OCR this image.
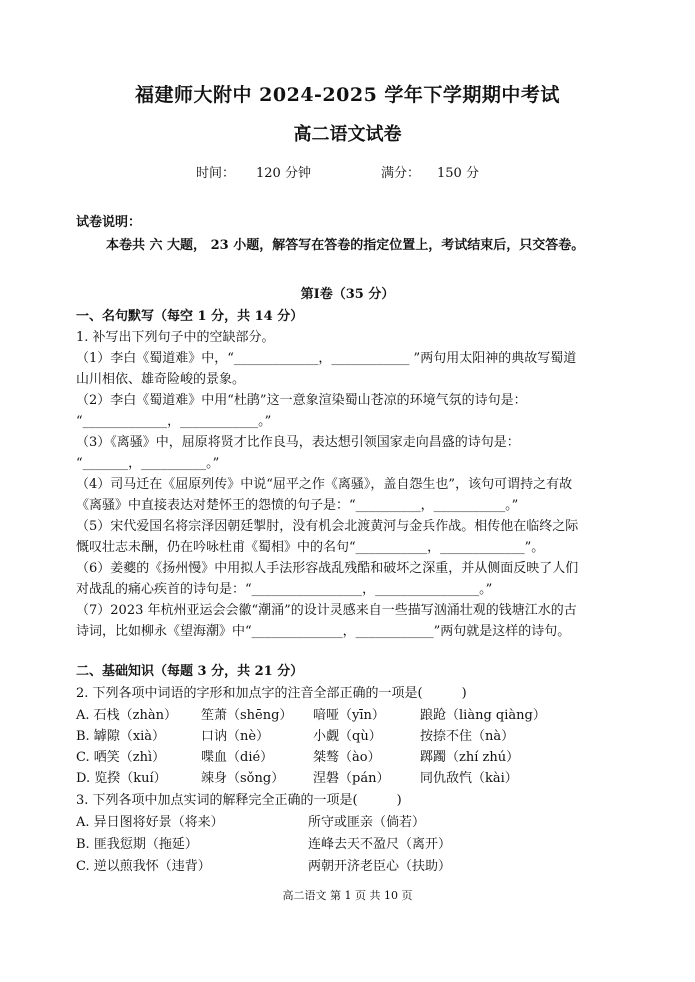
福建师大附中 2024-2025 学年下学期期中考试
高二语文试卷
时间： 120 分钟	满分： 150 分
试卷说明：
本卷共 六 大题， 23 小题，解答写在答卷的指定位置上，考试结束后，只交答卷。
第Ⅰ卷（35 分）
一、名句默写（每空 1 分，共 14 分）
1. 补写出下列句子中的空缺部分。
（1）李白《蜀道难》中，“_____________，____________ ”两句用太阳神的典故写蜀道
山川相依、雄奇险峻的景象。
（2）李白《蜀道难》中用“杜鹃”这一意象渲染蜀山苍凉的环境气氛的诗句是：
“_____________，____________。”
（3）《离骚》中，屈原将贤才比作良马，表达想引领国家走向昌盛的诗句是：
“_______，__________。”
（4）司马迁在《屈原列传》中说“屈平之作《离骚》，盖自怨生也”，该句可谓持之有故
《离骚》中直接表达对楚怀王的怨愤的句子是：“__________，___________。”
（5）宋代爱国名将宗泽因朝廷掣肘，没有机会北渡黄河与金兵作战。相传他在临终之际
慨叹壮志未酬，仍在吟咏杜甫《蜀相》中的名句“___________，_____________”。
（6）姜夔的《扬州慢》中用拟人手法形容战乱残酷和破坏之深重，并从侧面反映了人们
对战乱的痛心疾首的诗句是：“_________________，________________。”
（7）2023 年杭州亚运会会徽“潮涌”的设计灵感来自一些描写汹涌壮观的钱塘江水的古
诗词，比如柳永《望海潮》中“______________，____________”两句就是这样的诗句。
二、基础知识（每题 3 分，共 21 分）
2. 下列各项中词语的字形和加点字的注音全部正确的一项是(　　　)
A. 石栈（zhàn） 笙萧（shēng） 喑哑（yīn）	踉跄（liàng qiàng）
B. 罅隙（xià）	口讷（nè）	小觑（qù）	按捺不住（nà）
C. 哂笑（zhì）	喋血（dié）	桀骜（ào）	踯躅（zhí zhú）
D. 览揆（kuí）	竦身（sǒng） 涅磐（pán） 同仇敌忾（kài）
3. 下列各项中加点实词的解释完全正确的一项是(　　　)
A. 异日图将好景（将来）	所守或匪亲（倘若）
B. 匪我愆期（拖延）	连峰去天不盈尺（离开）
C. 逆以煎我怀（违背）	两朝开济老臣心（扶助）
高二语文 第 1 页 共 10 页
